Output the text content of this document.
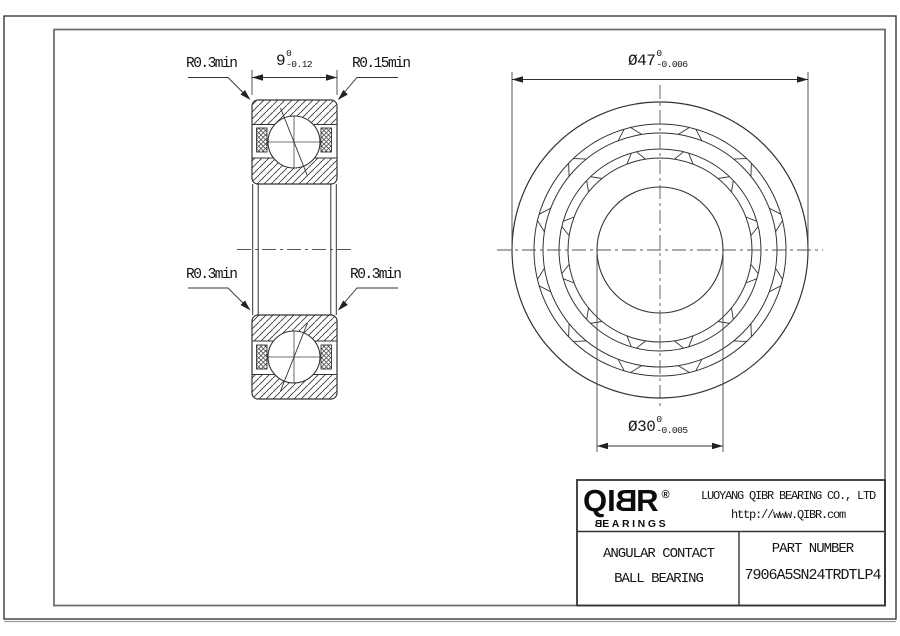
R0.3min	R0.15min
R0.3min	R0.3min
9 0
-0.12	Ø47 0
-0.006
Ø30 0
-0.005
QIBR ®
BEARINGS
LUOYANG QIBR BEARING CO., LTD
http://www.QIBR.com
ANGULAR CONTACT
BALL BEARING
PART NUMBER
7906A5SN24TRDTLP4
